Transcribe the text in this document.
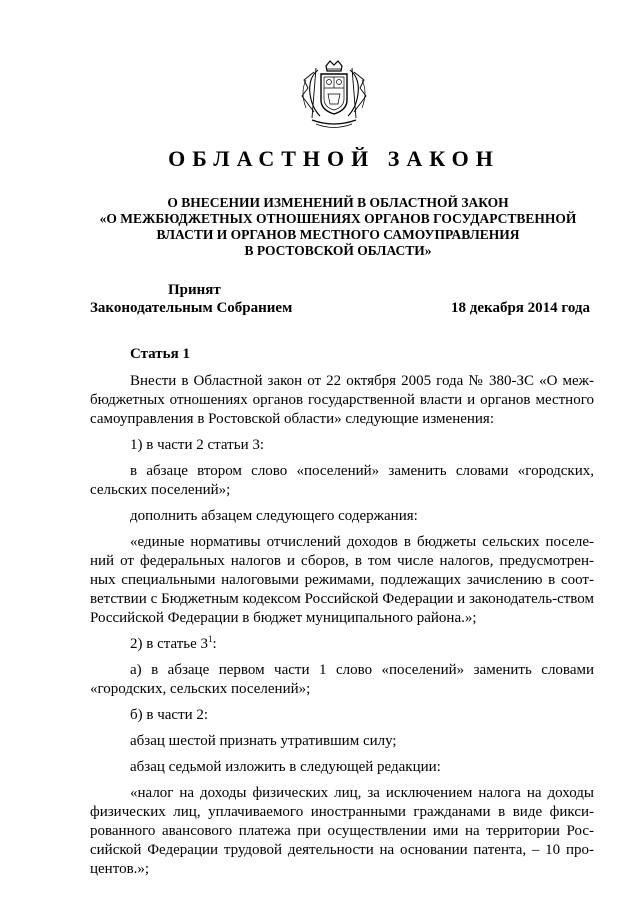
ОБЛАСТНОЙ ЗАКОН
О ВНЕСЕНИИ ИЗМЕНЕНИЙ В ОБЛАСТНОЙ ЗАКОН
«О МЕЖБЮДЖЕТНЫХ ОТНОШЕНИЯХ ОРГАНОВ ГОСУДАРСТВЕННОЙ
ВЛАСТИ И ОРГАНОВ МЕСТНОГО САМОУПРАВЛЕНИЯ
В РОСТОВСКОЙ ОБЛАСТИ»
Принят
Законодательным Собранием	18 декабря 2014 года
Статья 1

Внести в Областной закон от 22 октября 2005 года № 380-ЗС «О меж-бюджетных отношениях органов государственной власти и органов местного самоуправления в Ростовской области» следующие изменения:

1) в части 2 статьи 3:

в абзаце втором слово «поселений» заменить словами «городских, сельских поселений»;

дополнить абзацем следующего содержания:

«единые нормативы отчислений доходов в бюджеты сельских поселе-ний от федеральных налогов и сборов, в том числе налогов, предусмотрен-ных специальными налоговыми режимами, подлежащих зачислению в соот-ветствии с Бюджетным кодексом Российской Федерации и законодатель-ством Российской Федерации в бюджет муниципального района.»;

2) в статье $3^1$:

а) в абзаце первом части 1 слово «поселений» заменить словами «городских, сельских поселений»;

б) в части 2:

абзац шестой признать утратившим силу;

абзац седьмой изложить в следующей редакции:

«налог на доходы физических лиц, за исключением налога на доходы физических лиц, уплачиваемого иностранными гражданами в виде фикси-рованного авансового платежа при осуществлении ими на территории Рос-сийской Федерации трудовой деятельности на основании патента, – 10 про-центов.»;
